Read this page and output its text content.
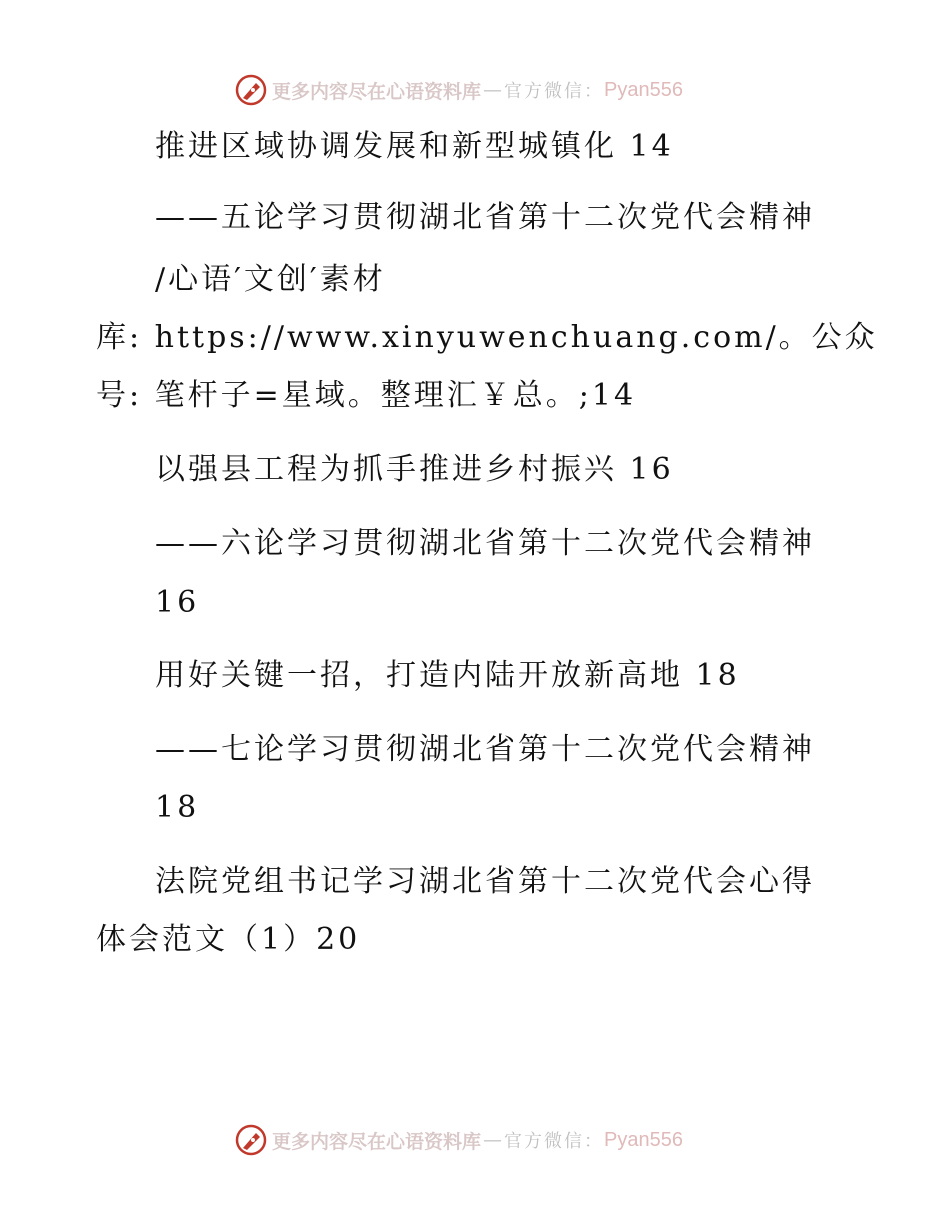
更多内容尽在心语资料库 — 官方微信： Pyan556
推进区域协调发展和新型城镇化 14
——五论学习贯彻湖北省第十二次党代会精神
/心语′文创′素材
库: https://www.xinyuwenchuang.com/。公众
号: 笔杆子=星域。整理汇￥总。;14
以强县工程为抓手推进乡村振兴 16
——六论学习贯彻湖北省第十二次党代会精神
16
用好关键一招，打造内陆开放新高地 18
——七论学习贯彻湖北省第十二次党代会精神
18
法院党组书记学习湖北省第十二次党代会心得
体会范文（1）20
更多内容尽在心语资料库 — 官方微信： Pyan556
